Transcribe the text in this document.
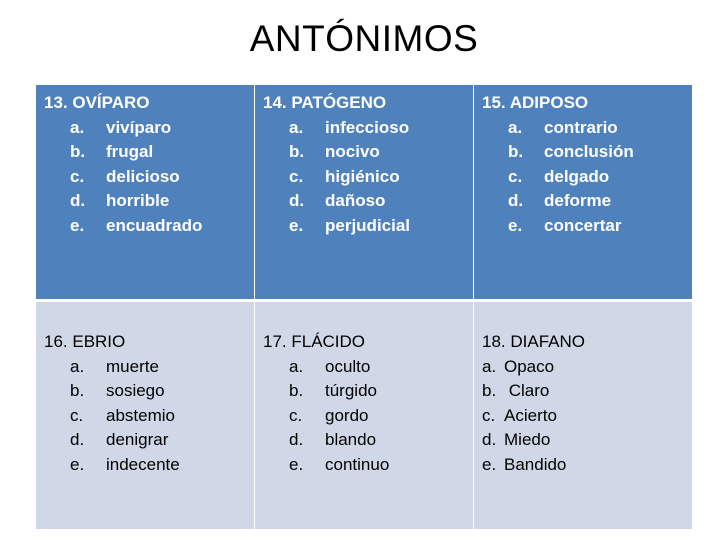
ANTÓNIMOS
13. OVÍPARO
a.	vivíparo
b.	frugal
c.	delicioso
d.	horrible
e.	encuadrado
14. PATÓGENO
a.	infeccioso
b.	nocivo
c.	higiénico
d.	dañoso
e.	perjudicial
15. ADIPOSO
a.	contrario
b.	conclusión
c.	delgado
d.	deforme
e.	concertar
16. EBRIO
a.	muerte
b.	sosiego
c.	abstemio
d.	denigrar
e.	indecente
17. FLÁCIDO
a.	oculto
b.	túrgido
c.	gordo
d.	blando
e.	continuo
18. DIAFANO
a. Opaco
b. Claro
c. Acierto
d. Miedo
e. Bandido
